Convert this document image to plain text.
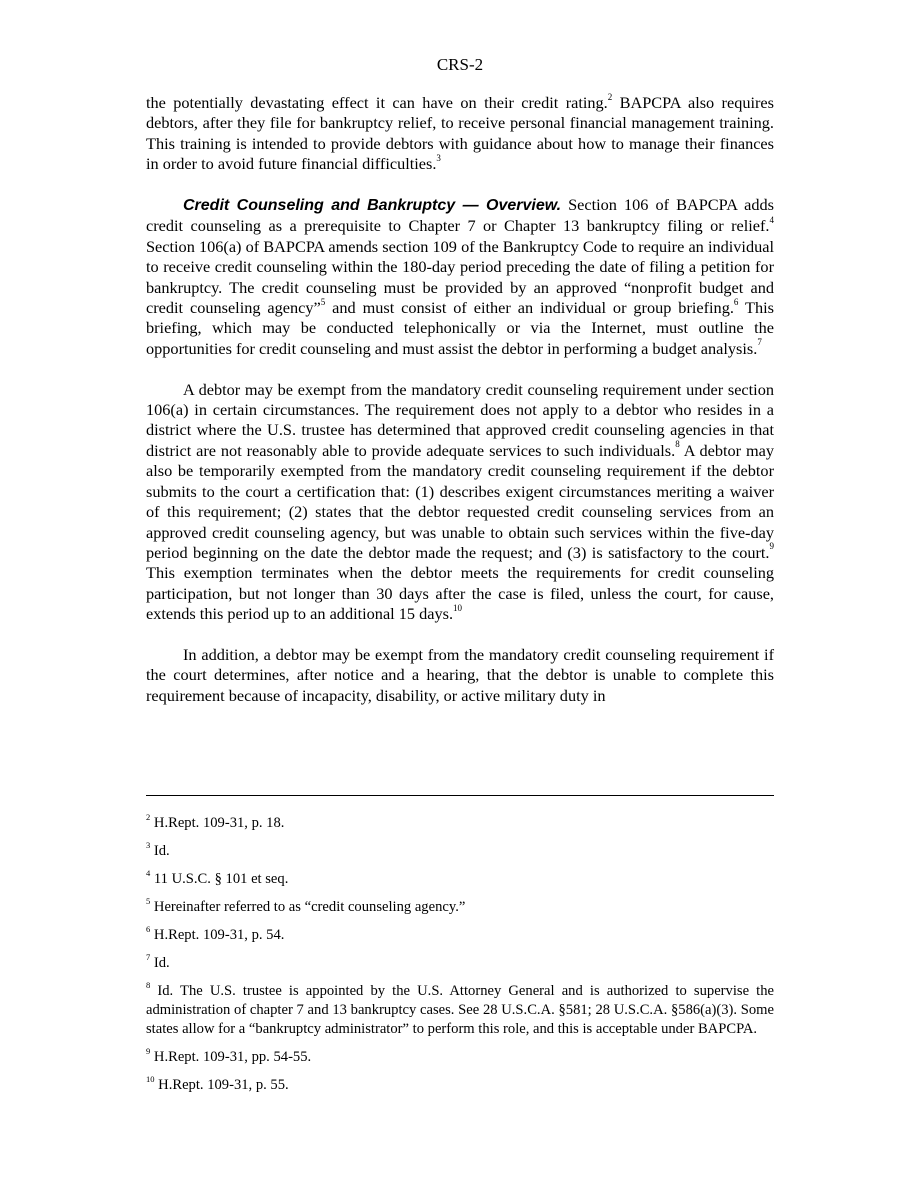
CRS-2

the potentially devastating effect it can have on their credit rating.$^2$ BAPCPA also requires debtors, after they file for bankruptcy relief, to receive personal financial management training. This training is intended to provide debtors with guidance about how to manage their finances in order to avoid future financial difficulties.$^3$

Credit Counseling and Bankruptcy — Overview. Section 106 of BAPCPA adds credit counseling as a prerequisite to Chapter 7 or Chapter 13 bankruptcy filing or relief.$^4$ Section 106(a) of BAPCPA amends section 109 of the Bankruptcy Code to require an individual to receive credit counseling within the 180-day period preceding the date of filing a petition for bankruptcy. The credit counseling must be provided by an approved “nonprofit budget and credit counseling agency”$^5$ and must consist of either an individual or group briefing.$^6$ This briefing, which may be conducted telephonically or via the Internet, must outline the opportunities for credit counseling and must assist the debtor in performing a budget analysis.$^7$

A debtor may be exempt from the mandatory credit counseling requirement under section 106(a) in certain circumstances. The requirement does not apply to a debtor who resides in a district where the U.S. trustee has determined that approved credit counseling agencies in that district are not reasonably able to provide adequate services to such individuals.$^8$ A debtor may also be temporarily exempted from the mandatory credit counseling requirement if the debtor submits to the court a certification that: (1) describes exigent circumstances meriting a waiver of this requirement; (2) states that the debtor requested credit counseling services from an approved credit counseling agency, but was unable to obtain such services within the five-day period beginning on the date the debtor made the request; and (3) is satisfactory to the court.$^9$ This exemption terminates when the debtor meets the requirements for credit counseling participation, but not longer than 30 days after the case is filed, unless the court, for cause, extends this period up to an additional 15 days.$^{10}$

In addition, a debtor may be exempt from the mandatory credit counseling requirement if the court determines, after notice and a hearing, that the debtor is unable to complete this requirement because of incapacity, disability, or active military duty in

$^2$ H.Rept. 109-31, p. 18.

$^3$ Id.

$^4$ 11 U.S.C. § 101 et seq.

$^5$ Hereinafter referred to as “credit counseling agency.”

$^6$ H.Rept. 109-31, p. 54.

$^7$ Id.

$^8$ Id. The U.S. trustee is appointed by the U.S. Attorney General and is authorized to supervise the administration of chapter 7 and 13 bankruptcy cases. See 28 U.S.C.A. §581; 28 U.S.C.A. §586(a)(3). Some states allow for a “bankruptcy administrator” to perform this role, and this is acceptable under BAPCPA.

$^9$ H.Rept. 109-31, pp. 54-55.

$^{10}$ H.Rept. 109-31, p. 55.
